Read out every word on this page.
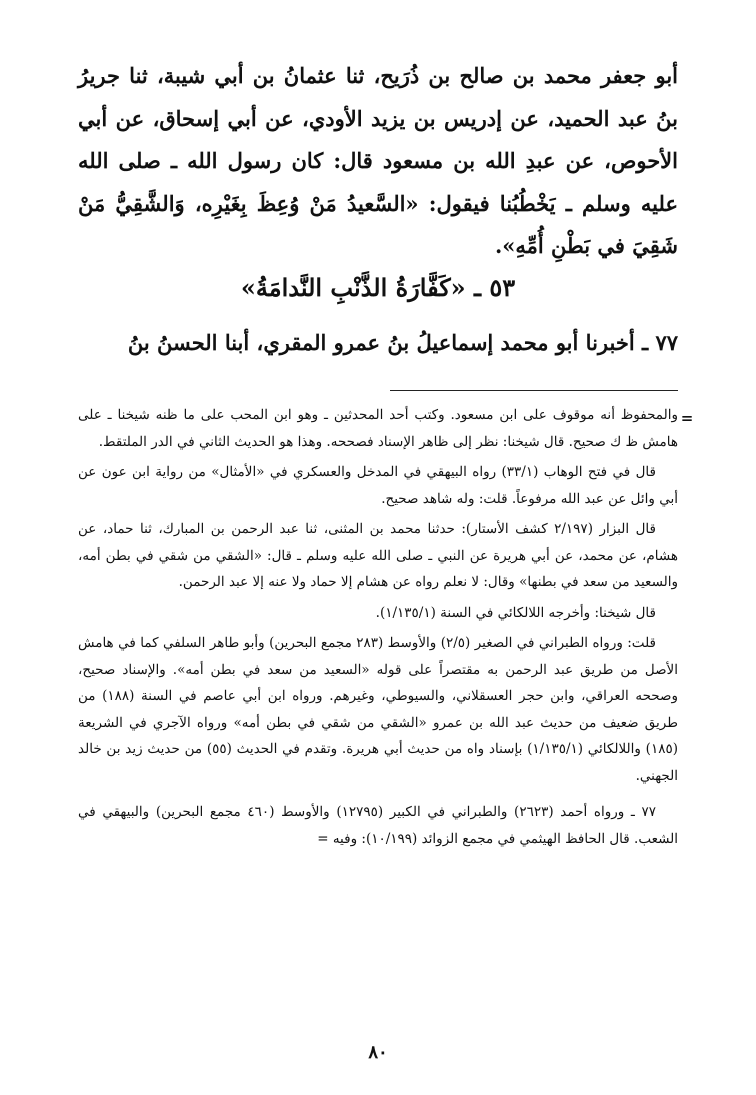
أبو جعفر محمد بن صالح بن ذُرَيح، ثنا عثمانُ بن أبي شيبة، ثنا جريرُ بنُ عبد الحميد، عن إدريس بن يزيد الأودي، عن أبي إسحاق، عن أبي الأحوص، عن عبدِ الله بن مسعود قال: كان رسول الله ـ صلى الله عليه وسلم ـ يَخْطُبُنا فيقول: «السَّعيدُ مَنْ وُعِظَ بِغَيْرِه، وَالشَّقِيُّ مَنْ شَقِيَ في بَطْنِ أُمِّهِ».

٥٣ ـ «كَفَّارَةُ الذَّنْبِ النَّدامَةُ»
٧٧ ـ أخبرنا أبو محمد إسماعيلُ بنُ عمرو المقري، أبنا الحسنُ بنُ
=

والمحفوظ أنه موقوف على ابن مسعود. وكتب أحد المحدثين ـ وهو ابن المحب على ما ظنه شيخنا ـ على هامش ظ ك صحيح. قال شيخنا: نظر إلى ظاهر الإسناد فصححه. وهذا هو الحديث الثاني في الدر الملتقط.

قال في فتح الوهاب (٣٣/١) رواه البيهقي في المدخل والعسكري في «الأمثال» من رواية ابن عون عن أبي وائل عن عبد الله مرفوعاً. قلت: وله شاهد صحيح.

قال البزار (٢/١٩٧ كشف الأستار): حدثنا محمد بن المثنى، ثنا عبد الرحمن بن المبارك، ثنا حماد، عن هشام، عن محمد، عن أبي هريرة عن النبي ـ صلى الله عليه وسلم ـ قال: «الشقي من شقي في بطن أمه، والسعيد من سعد في بطنها» وقال: لا نعلم رواه عن هشام إلا حماد ولا عنه إلا عبد الرحمن.

قال شيخنا: وأخرجه اللالكائي في السنة (١/١٣٥/١).

قلت: ورواه الطبراني في الصغير (٢/٥) والأوسط (٢٨٣ مجمع البحرين) وأبو طاهر السلفي كما في هامش الأصل من طريق عبد الرحمن به مقتصراً على قوله «السعيد من سعد في بطن أمه». والإسناد صحيح، وصححه العراقي، وابن حجر العسقلاني، والسيوطي، وغيرهم. ورواه ابن أبي عاصم في السنة (١٨٨) من طريق ضعيف من حديث عبد الله بن عمرو «الشقي من شقي في بطن أمه» ورواه الآجري في الشريعة (١٨٥) واللالكائي (١/١٣٥/١) بإسناد واه من حديث أبي هريرة. وتقدم في الحديث (٥٥) من حديث زيد بن خالد الجهني.

٧٧ ـ ورواه أحمد (٢٦٢٣) والطبراني في الكبير (١٢٧٩٥) والأوسط (٤٦٠ مجمع البحرين) والبيهقي في الشعب. قال الحافظ الهيثمي في مجمع الزوائد (١٠/١٩٩): وفيه =

٨٠
